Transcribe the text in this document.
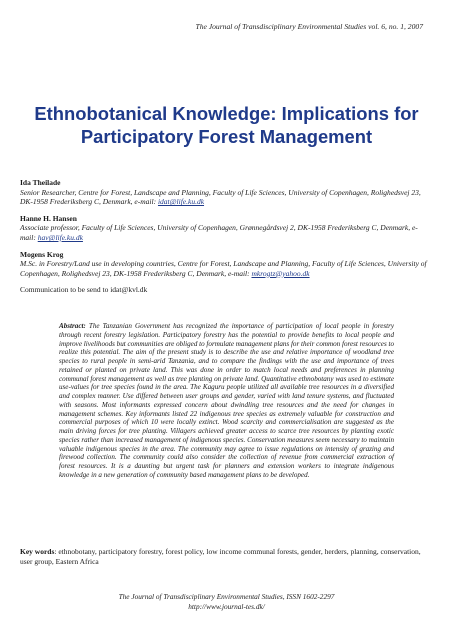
The Journal of Transdisciplinary Environmental Studies vol. 6, no. 1, 2007
Ethnobotanical Knowledge: Implications for
Participatory Forest Management
Ida Theilade
Senior Researcher, Centre for Forest, Landscape and Planning, Faculty of Life Sciences, University of Copenhagen, Rolighedsvej 23, DK-1958 Frederiksberg C, Denmark, e-mail: idat@life.ku.dk
Hanne H. Hansen
Associate professor, Faculty of Life Sciences, University of Copenhagen, Grønnegårdsvej 2, DK-1958 Frederiksberg C, Denmark, e-mail: hav@life.ku.dk
Mogens Krog
M.Sc. in Forestry/Land use in developing countries, Centre for Forest, Landscape and Planning, Faculty of Life Sciences, University of Copenhagen, Rolighedsvej 23, DK-1958 Frederiksberg C, Denmark, e-mail: mkrogtz@yahoo.dk
Communication to be send to idat@kvl.dk
Abstract: The Tanzanian Government has recognized the importance of participation of local people in forestry through recent forestry legislation. Participatory forestry has the potential to provide benefits to local people and improve livelihoods but communities are obliged to formulate management plans for their common forest resources to realize this potential. The aim of the present study is to describe the use and relative importance of woodland tree species to rural people in semi-arid Tanzania, and to compare the findings with the use and importance of trees retained or planted on private land. This was done in order to match local needs and preferences in planning communal forest management as well as tree planting on private land. Quantitative ethnobotany was used to estimate use-values for tree species found in the area. The Kaguru people utilized all available tree resources in a diversified and complex manner. Use differed between user groups and gender, varied with land tenure systems, and fluctuated with seasons. Most informants expressed concern about dwindling tree resources and the need for changes in management schemes. Key informants listed 22 indigenous tree species as extremely valuable for construction and commercial purposes of which 10 were locally extinct. Wood scarcity and commercialisation are suggested as the main driving forces for tree planting. Villagers achieved greater access to scarce tree resources by planting exotic species rather than increased management of indigenous species. Conservation measures seem necessary to maintain valuable indigenous species in the area. The community may agree to issue regulations on intensity of grazing and firewood collection. The community could also consider the collection of revenue from commercial extraction of forest resources. It is a daunting but urgent task for planners and extension workers to integrate indigenous knowledge in a new generation of community based management plans to be developed.
Key words: ethnobotany, participatory forestry, forest policy, low income communal forests, gender, herders, planning, conservation, user group, Eastern Africa
The Journal of Transdisciplinary Environmental Studies, ISSN 1602-2297
http://www.journal-tes.dk/
